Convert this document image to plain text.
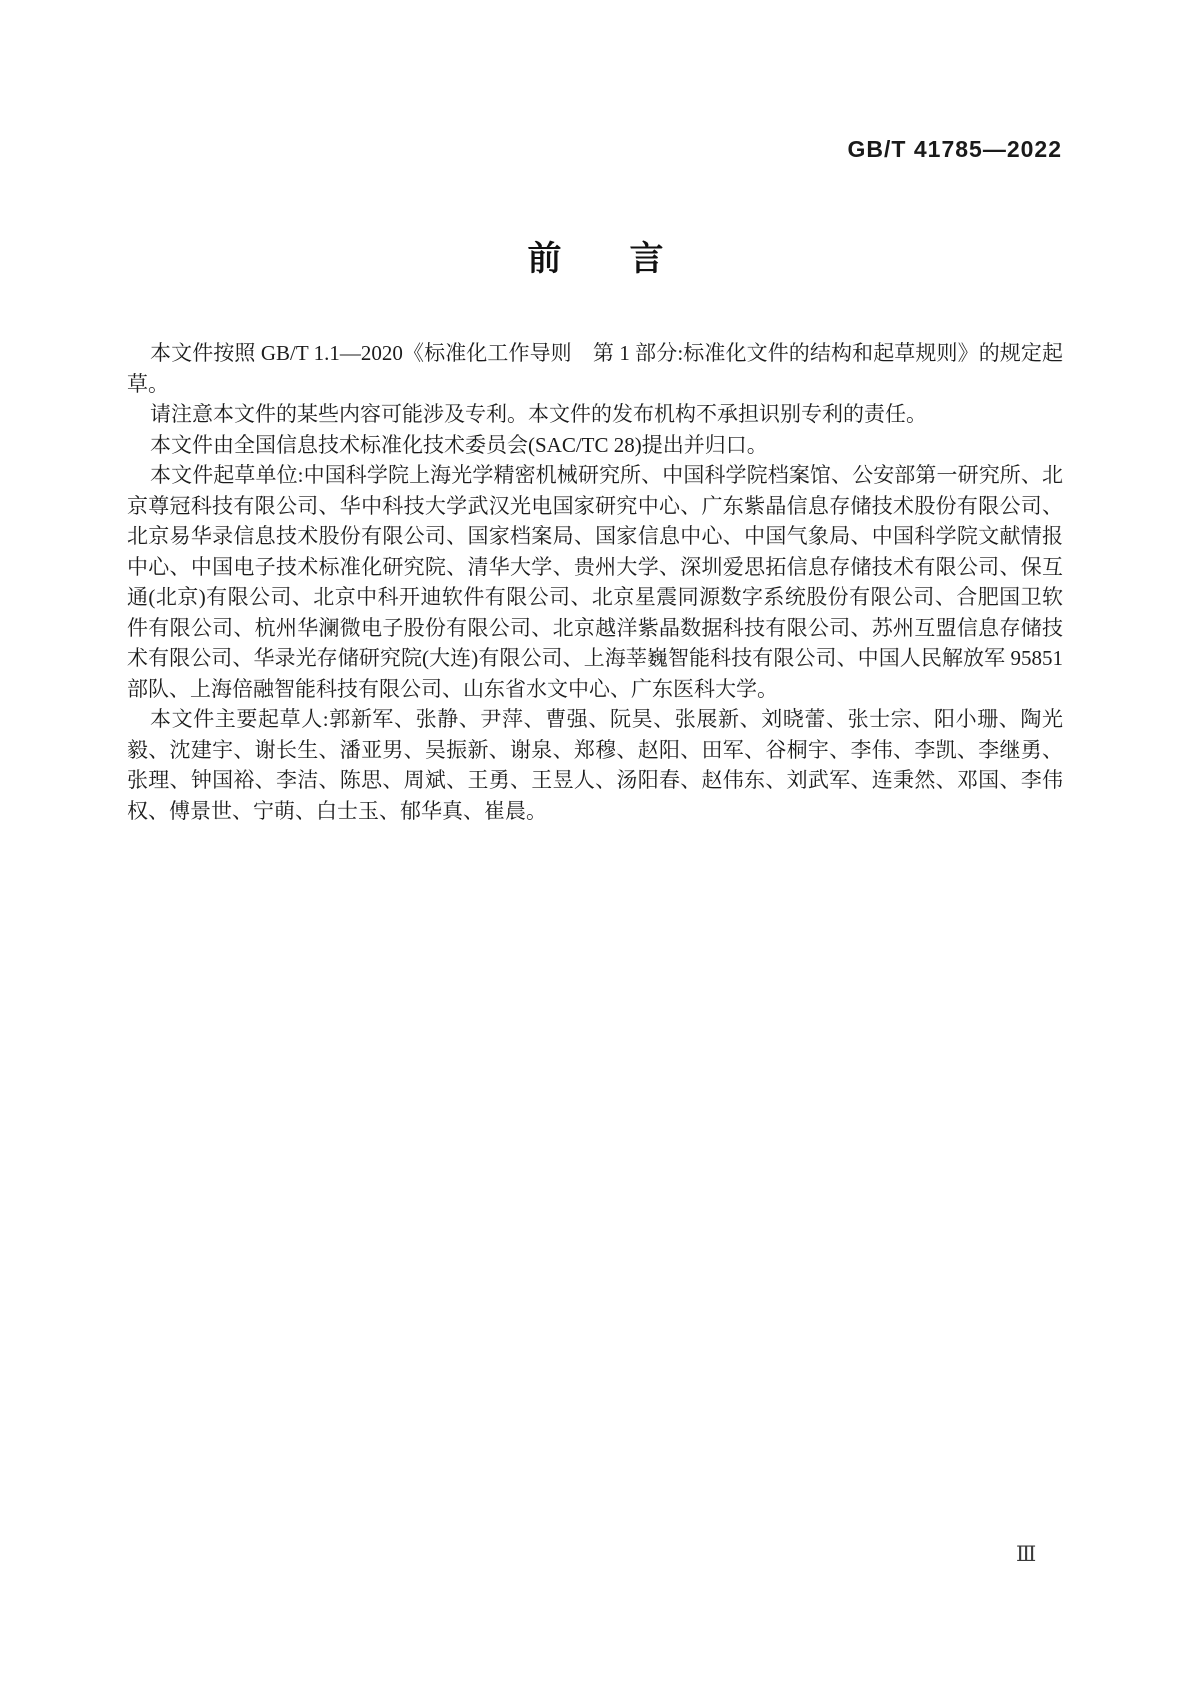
GB/T 41785—2022
前　　言

本文件按照 GB/T 1.1—2020《标准化工作导则　第 1 部分:标准化文件的结构和起草规则》的规定起草。

请注意本文件的某些内容可能涉及专利。本文件的发布机构不承担识别专利的责任。

本文件由全国信息技术标准化技术委员会(SAC/TC 28)提出并归口。

本文件起草单位:中国科学院上海光学精密机械研究所、中国科学院档案馆、公安部第一研究所、北京尊冠科技有限公司、华中科技大学武汉光电国家研究中心、广东紫晶信息存储技术股份有限公司、北京易华录信息技术股份有限公司、国家档案局、国家信息中心、中国气象局、中国科学院文献情报中心、中国电子技术标准化研究院、清华大学、贵州大学、深圳爱思拓信息存储技术有限公司、保互通(北京)有限公司、北京中科开迪软件有限公司、北京星震同源数字系统股份有限公司、合肥国卫软件有限公司、杭州华澜微电子股份有限公司、北京越洋紫晶数据科技有限公司、苏州互盟信息存储技术有限公司、华录光存储研究院(大连)有限公司、上海莘巍智能科技有限公司、中国人民解放军 95851 部队、上海倍融智能科技有限公司、山东省水文中心、广东医科大学。

本文件主要起草人:郭新军、张静、尹萍、曹强、阮昊、张展新、刘晓蕾、张士宗、阳小珊、陶光毅、沈建宇、谢长生、潘亚男、吴振新、谢泉、郑穆、赵阳、田军、谷桐宇、李伟、李凯、李继勇、张理、钟国裕、李洁、陈思、周斌、王勇、王昱人、汤阳春、赵伟东、刘武军、连秉然、邓国、李伟权、傅景世、宁萌、白士玉、郁华真、崔晨。

Ⅲ
